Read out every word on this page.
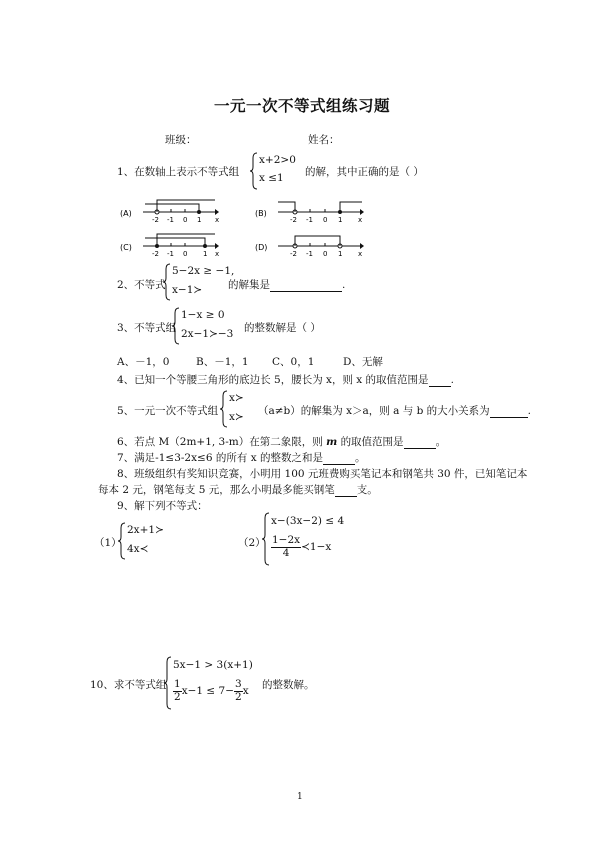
一元一次不等式组练习题
班级：	姓名：
1、在数轴上表示不等式组
x+2>0
x ≤1 的解，其中正确的是（ ）
(A)
-2 -1 0 1 x
(B)
-2 -1 0 1 x
(C)
-2 -1 0 1 x
(D)
-2 -1 0 1 x
2、不等式
5−2x ≥ −1,
x−1≻ 的解集是	.
3、不等式组
1−x ≥ 0
2x−1≻−3 的整数解是（ ）
A、－1，0	B、－1，1 C、0，1	D、无解
4、已知一个等腰三角形的底边长 5，腰长为 x，则 x 的取值范围是 .
5、一元一次不等式组
x≻
x≻ （a≠b）的解集为 x＞a，则 a 与 b 的大小关系为	.
6、若点 M（2m+1, 3-m）在第二象限，则 m 的取值范围是	。
7、满足-1≤3-2x≤6 的所有 x 的整数之和是	。
8、班级组织有奖知识竞赛，小明用 100 元班费购买笔记本和钢笔共 30 件，已知笔记本
每本 2 元，钢笔每支 5 元，那么小明最多能买钢笔 支。
9、解下列不等式：
（1）
2x+1≻
4x≺	（2）
x−(3x−2) ≤ 4
$\frac{1-2x}{4}$ ≺1−x
10、求不等式组
5x−1 > 3(x+1)
$\frac{1}{2} x-1 \le 7- \frac{3}{2}$ x
的整数解。
1
